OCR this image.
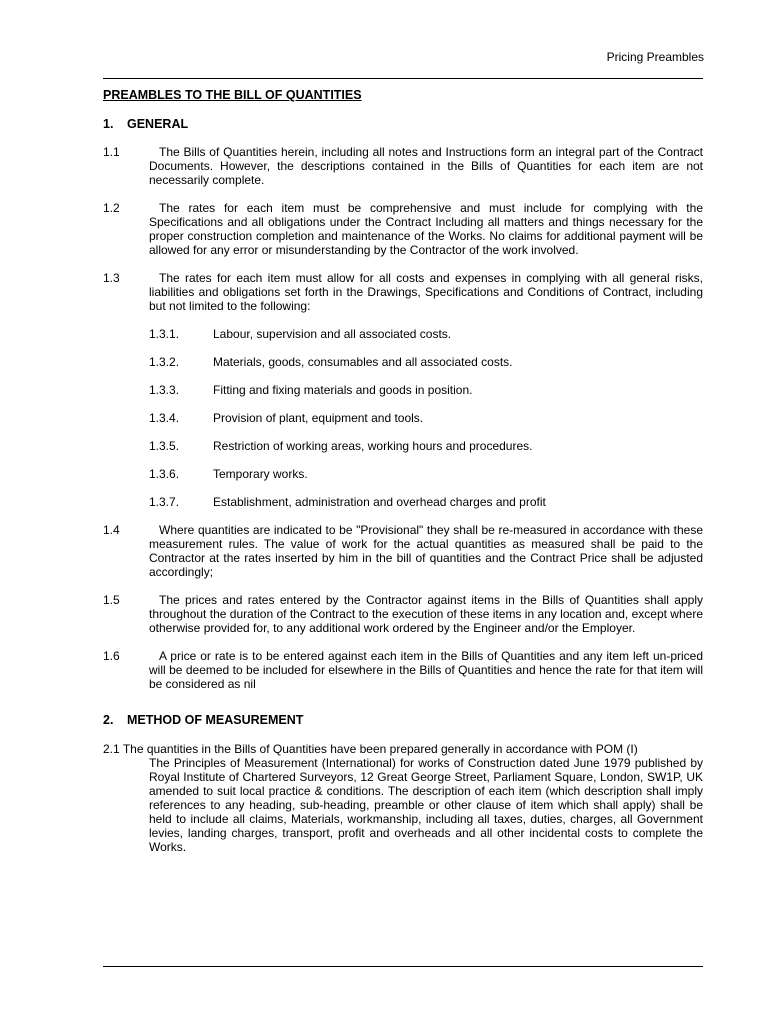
Pricing Preambles
PREAMBLES TO THE BILL OF QUANTITIES
1.	GENERAL
1.1	The Bills of Quantities herein, including all notes and Instructions form an integral part of the Contract Documents. However, the descriptions contained in the Bills of Quantities for each item are not necessarily complete.
1.2	The rates for each item must be comprehensive and must include for complying with the Specifications and all obligations under the Contract Including all matters and things necessary for the proper construction completion and maintenance of the Works. No claims for additional payment will be allowed for any error or misunderstanding by the Contractor of the work involved.
1.3	The rates for each item must allow for all costs and expenses in complying with all general risks, liabilities and obligations set forth in the Drawings, Specifications and Conditions of Contract, including but not limited to the following:
1.3.1.	Labour, supervision and all associated costs.
1.3.2.	Materials, goods, consumables and all associated costs.
1.3.3.	Fitting and fixing materials and goods in position.
1.3.4.	Provision of plant, equipment and tools.
1.3.5.	Restriction of working areas, working hours and procedures.
1.3.6.	Temporary works.
1.3.7.	Establishment, administration and overhead charges and profit
1.4	Where quantities are indicated to be "Provisional" they shall be re-measured in accordance with these measurement rules. The value of work for the actual quantities as measured shall be paid to the Contractor at the rates inserted by him in the bill of quantities and the Contract Price shall be adjusted accordingly;
1.5	The prices and rates entered by the Contractor against items in the Bills of Quantities shall apply throughout the duration of the Contract to the execution of these items in any location and, except where otherwise provided for, to any additional work ordered by the Engineer and/or the Employer.
1.6	A price or rate is to be entered against each item in the Bills of Quantities and any item left un-priced will be deemed to be included for elsewhere in the Bills of Quantities and hence the rate for that item will be considered as nil
2.	METHOD OF MEASUREMENT
2.1 The quantities in the Bills of Quantities have been prepared generally in accordance with POM (I)
The Principles of Measurement (International) for works of Construction dated June 1979 published by Royal Institute of Chartered Surveyors, 12 Great George Street, Parliament Square, London, SW1P, UK amended to suit local practice & conditions. The description of each item (which description shall imply references to any heading, sub-heading, preamble or other clause of item which shall apply) shall be held to include all claims, Materials, workmanship, including all taxes, duties, charges, all Government levies, landing charges, transport, profit and overheads and all other incidental costs to complete the Works.
